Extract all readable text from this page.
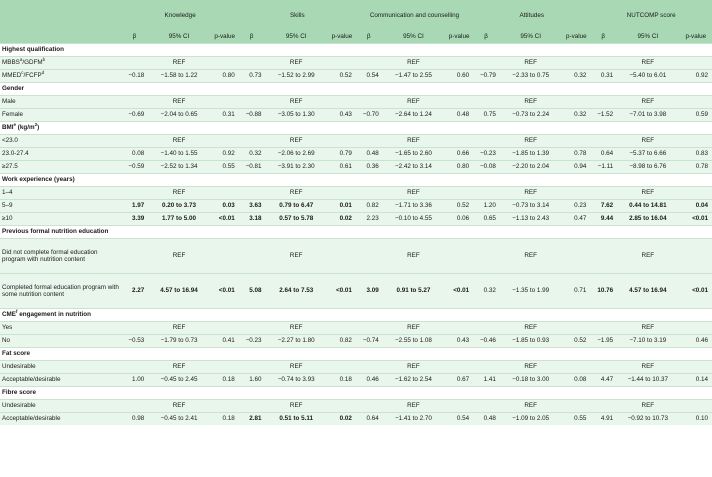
	Knowledge			Skills			Communication and counselling			Attitudes			NUTCOMP score		
	β	95% CI	p-value	β	95% CI	p-value	β	95% CI	p-value	β	95% CI	p-value	β	95% CI	p-value
Highest qualification															
MBBS$^a$/GDFM$^b$		REF			REF			REF			REF			REF	
$MMED^c/FCFP^d$	−0.18	−1.58 to 1.22	0.80	0.73	−1.52 to 2.99	0.52	0.54	−1.47 to 2.55	0.60	−0.79	−2.33 to 0.75	0.32	0.31	−5.40 to 6.01	0.92
Gender															
Male		REF			REF			REF			REF			REF	
Female	−0.69	−2.04 to 0.65	0.31	−0.88	−3.05 to 1.30	0.43	−0.70	−2.64 to 1.24	0.48	0.75	−0.73 to 2.24	0.32	−1.52	−7.01 to 3.98	0.59
BMI$^e$ $(kg/m^2)$															
<23.0		REF			REF			REF			REF			REF	
23.0-27.4	0.08	−1.40 to 1.55	0.92	0.32	−2.06 to 2.69	0.79	0.48	−1.65 to 2.60	0.66	−0.23	−1.85 to 1.39	0.78	0.64	−5.37 to 6.66	0.83
≥27.5	−0.59	−2.52 to 1.34	0.55	−0.81	−3.91 to 2.30	0.61	0.36	−2.42 to 3.14	0.80	−0.08	−2.20 to 2.04	0.94	−1.11	−8.98 to 6.76	0.78
Work experience (years)															
1–4		REF			REF			REF			REF			REF	
5–9	1.97	0.20 to 3.73	0.03	3.63	0.79 to 6.47	0.01	0.82	−1.71 to 3.36	0.52	1.20	−0.73 to 3.14	0.23	7.62	0.44 to 14.81	0.04
≥10	3.39	1.77 to 5.00	<0.01	3.18	0.57 to 5.78	0.02	2.23	−0.10 to 4.55	0.06	0.65	−1.13 to 2.43	0.47	9.44	2.85 to 16.04	<0.01
Previous formal nutrition education															
Did not complete formal education program with nutrition content		REF			REF			REF			REF			REF	
Completed formal education program with some nutrition content	2.27	4.57 to 16.94	<0.01	5.08	2.64 to 7.53	<0.01	3.09	0.91 to 5.27	<0.01	0.32	−1.35 to 1.99	0.71	10.76	4.57 to 16.94	<0.01
CME$^f$ engagement in nutrition															
Yes		REF			REF			REF			REF			REF	
No	−0.53	−1.79 to 0.73	0.41	−0.23	−2.27 to 1.80	0.82	−0.74	−2.55 to 1.08	0.43	−0.46	−1.85 to 0.93	0.52	−1.95	−7.10 to 3.19	0.46
Fat score															
Undesirable		REF			REF			REF			REF			REF	
Acceptable/desirable	1.00	−0.45 to 2.45	0.18	1.60	−0.74 to 3.93	0.18	0.46	−1.62 to 2.54	0.67	1.41	−0.18 to 3.00	0.08	4.47	−1.44 to 10.37	0.14
Fibre score															
Undesirable		REF			REF			REF			REF			REF	
Acceptable/desirable	0.98	−0.45 to 2.41	0.18	2.81	0.51 to 5.11	0.02	0.64	−1.41 to 2.70	0.54	0.48	−1.09 to 2.05	0.55	4.91	−0.92 to 10.73	0.10
